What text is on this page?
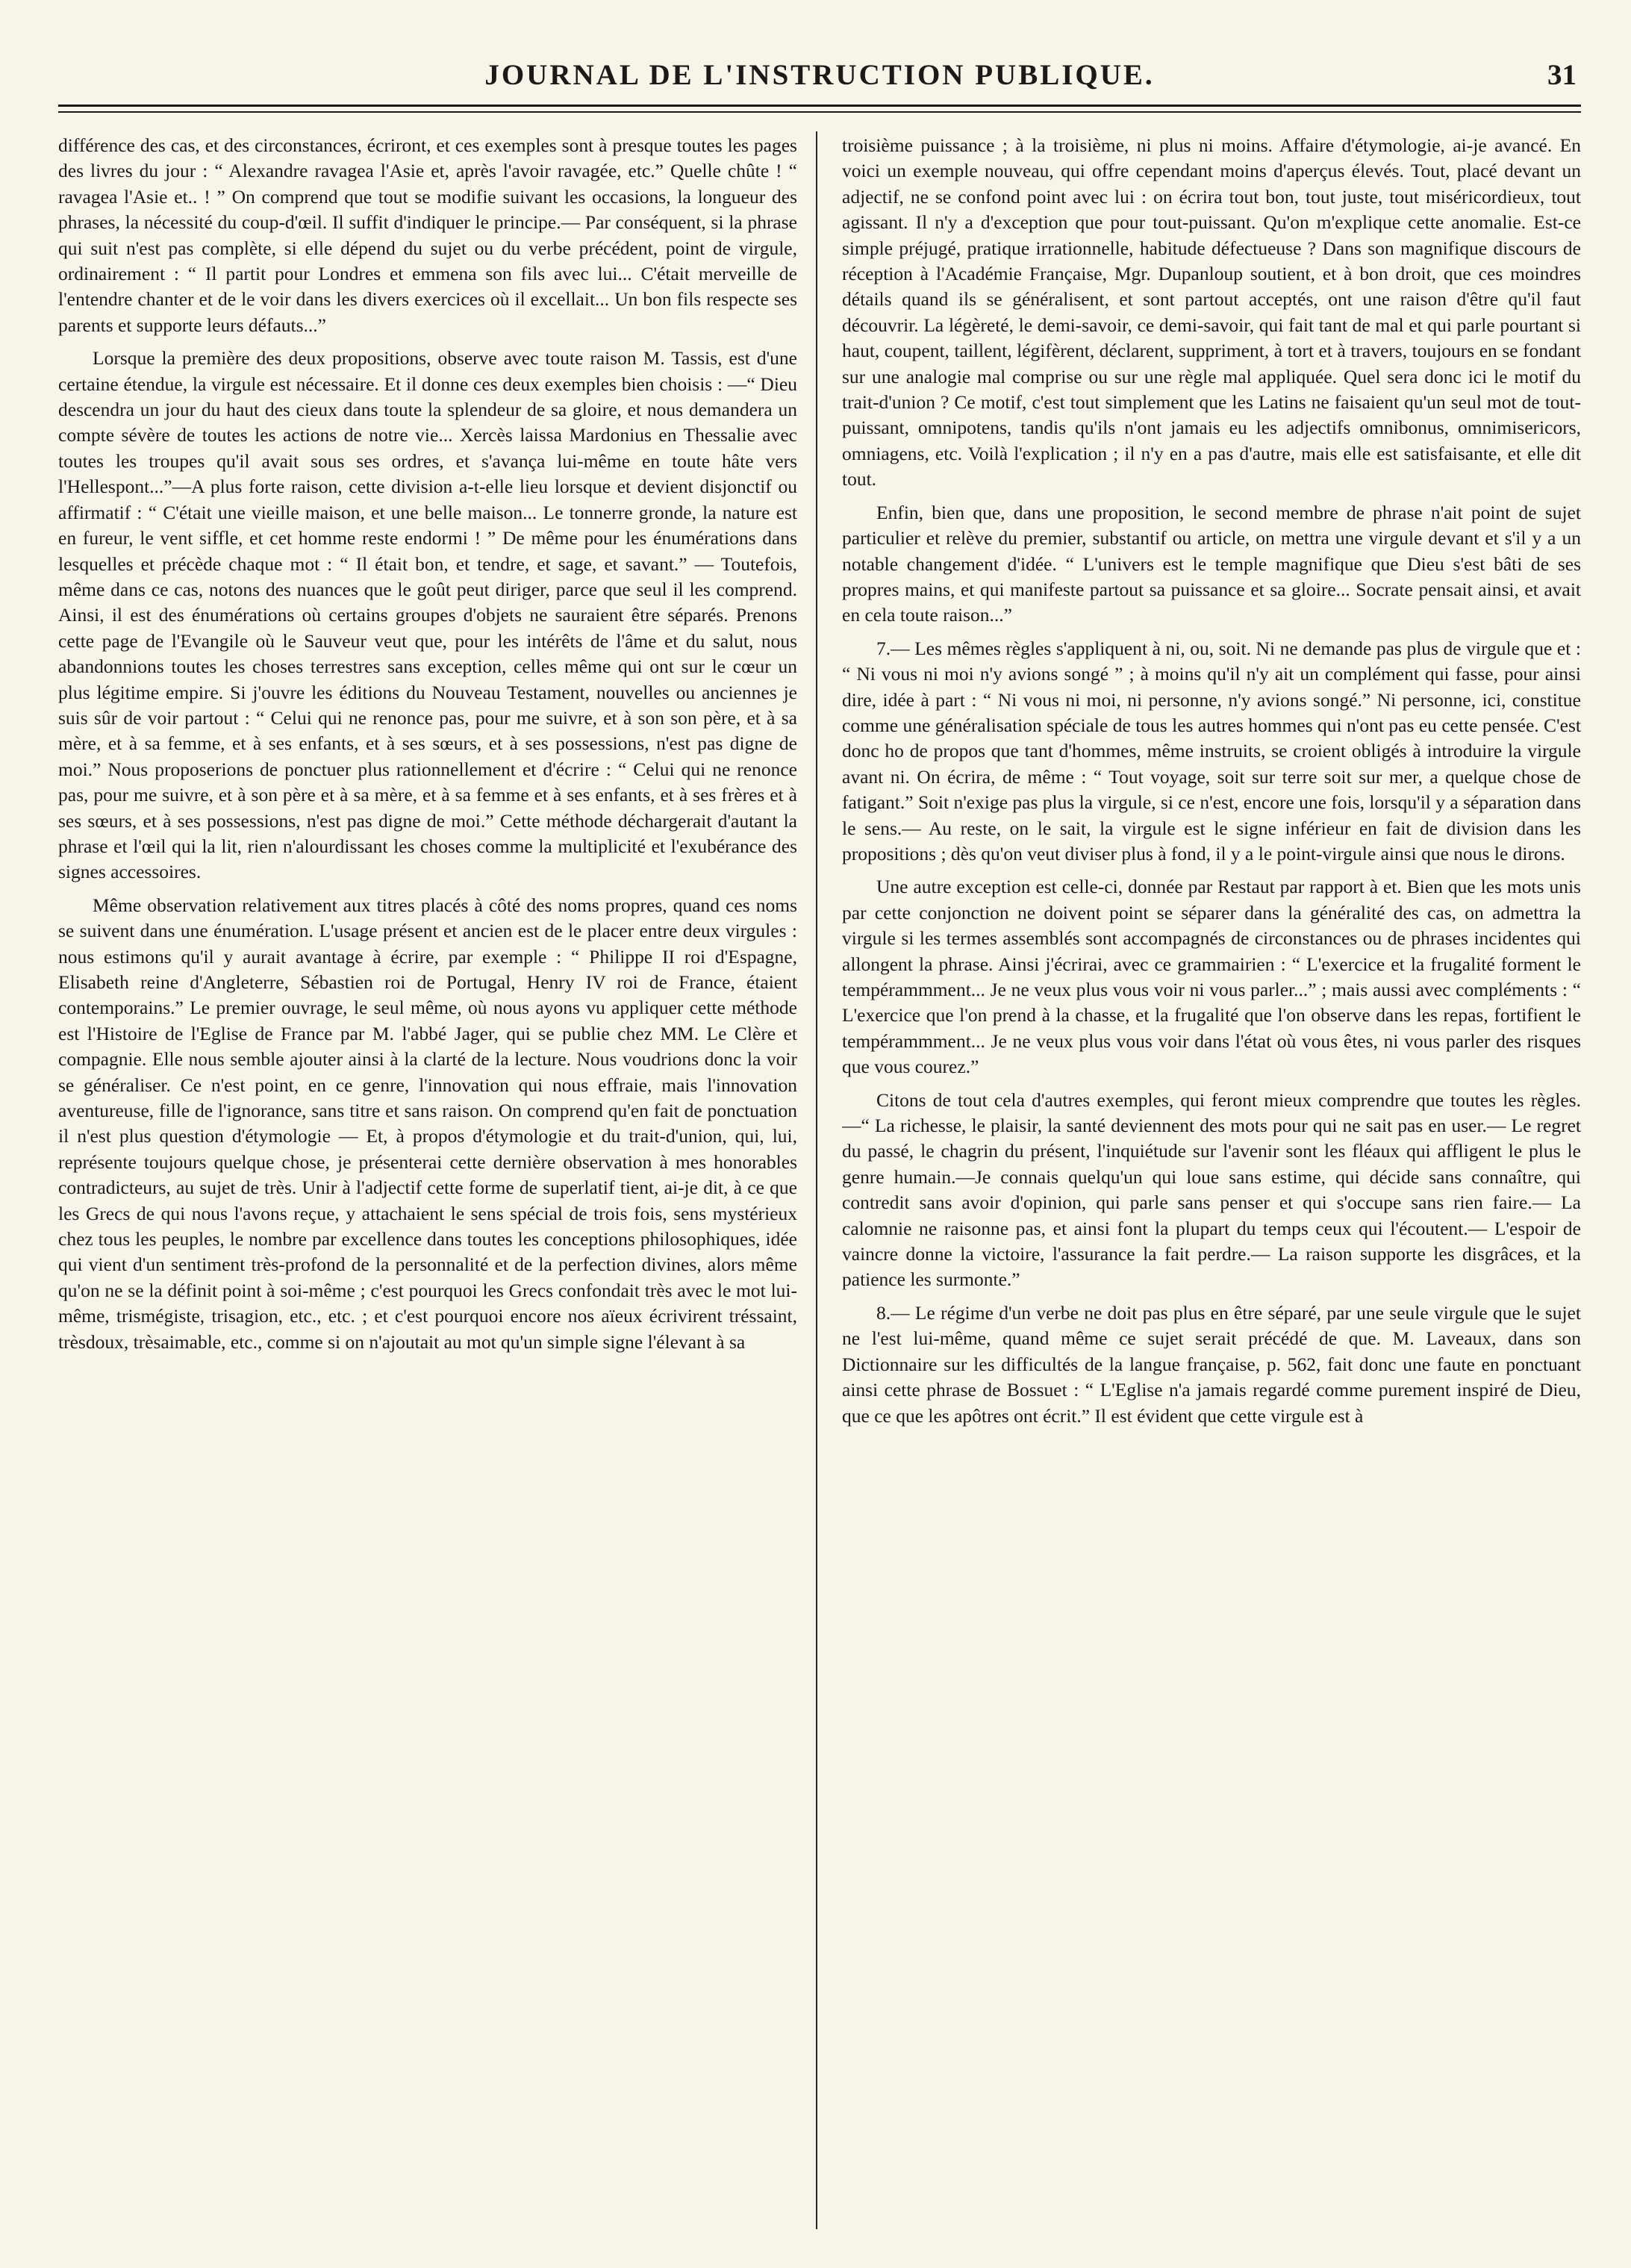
JOURNAL DE L'INSTRUCTION PUBLIQUE.	31

différence des cas, et des circonstances, écriront, et ces exemples sont à presque toutes les pages des livres du jour : “ Alexandre ravagea l'Asie et, après l'avoir ravagée, etc.” Quelle chûte ! “ ravagea l'Asie et.. ! ” On comprend que tout se modifie suivant les occasions, la longueur des phrases, la nécessité du coup-d'œil. Il suffit d'indiquer le principe.— Par conséquent, si la phrase qui suit n'est pas complète, si elle dépend du sujet ou du verbe précédent, point de virgule, ordinairement : “ Il partit pour Londres et emmena son fils avec lui... C'était merveille de l'entendre chanter et de le voir dans les divers exercices où il excellait... Un bon fils respecte ses parents et supporte leurs défauts...”

Lorsque la première des deux propositions, observe avec toute raison M. Tassis, est d'une certaine étendue, la virgule est nécessaire. Et il donne ces deux exemples bien choisis : —“ Dieu descendra un jour du haut des cieux dans toute la splendeur de sa gloire, et nous demandera un compte sévère de toutes les actions de notre vie... Xercès laissa Mardonius en Thessalie avec toutes les troupes qu'il avait sous ses ordres, et s'avança lui-même en toute hâte vers l'Hellespont...”—A plus forte raison, cette division a-t-elle lieu lorsque et devient disjonctif ou affirmatif : “ C'était une vieille maison, et une belle maison... Le tonnerre gronde, la nature est en fureur, le vent siffle, et cet homme reste endormi ! ” De même pour les énumérations dans lesquelles et précède chaque mot : “ Il était bon, et tendre, et sage, et savant.” — Toutefois, même dans ce cas, notons des nuances que le goût peut diriger, parce que seul il les comprend. Ainsi, il est des énumérations où certains groupes d'objets ne sauraient être séparés. Prenons cette page de l'Evangile où le Sauveur veut que, pour les intérêts de l'âme et du salut, nous abandonnions toutes les choses terrestres sans exception, celles même qui ont sur le cœur un plus légitime empire. Si j'ouvre les éditions du Nouveau Testament, nouvelles ou anciennes je suis sûr de voir partout : “ Celui qui ne renonce pas, pour me suivre, et à son son père, et à sa mère, et à sa femme, et à ses enfants, et à ses sœurs, et à ses possessions, n'est pas digne de moi.” Nous proposerions de ponctuer plus rationnellement et d'écrire : “ Celui qui ne renonce pas, pour me suivre, et à son père et à sa mère, et à sa femme et à ses enfants, et à ses frères et à ses sœurs, et à ses possessions, n'est pas digne de moi.” Cette méthode déchargerait d'autant la phrase et l'œil qui la lit, rien n'alourdissant les choses comme la multiplicité et l'exubérance des signes accessoires.

Même observation relativement aux titres placés à côté des noms propres, quand ces noms se suivent dans une énumération. L'usage présent et ancien est de le placer entre deux virgules : nous estimons qu'il y aurait avantage à écrire, par exemple : “ Philippe II roi d'Espagne, Elisabeth reine d'Angleterre, Sébastien roi de Portugal, Henry IV roi de France, étaient contemporains.” Le premier ouvrage, le seul même, où nous ayons vu appliquer cette méthode est l'Histoire de l'Eglise de France par M. l'abbé Jager, qui se publie chez MM. Le Clère et compagnie. Elle nous semble ajouter ainsi à la clarté de la lecture. Nous voudrions donc la voir se généraliser. Ce n'est point, en ce genre, l'innovation qui nous effraie, mais l'innovation aventureuse, fille de l'ignorance, sans titre et sans raison. On comprend qu'en fait de ponctuation il n'est plus question d'étymologie — Et, à propos d'étymologie et du trait-d'union, qui, lui, représente toujours quelque chose, je présenterai cette dernière observation à mes honorables contradicteurs, au sujet de très. Unir à l'adjectif cette forme de superlatif tient, ai-je dit, à ce que les Grecs de qui nous l'avons reçue, y attachaient le sens spécial de trois fois, sens mystérieux chez tous les peuples, le nombre par excellence dans toutes les conceptions philosophiques, idée qui vient d'un sentiment très-profond de la personnalité et de la perfection divines, alors même qu'on ne se la définit point à soi-même ; c'est pourquoi les Grecs confondait très avec le mot lui-même, trismégiste, trisagion, etc., etc. ; et c'est pourquoi encore nos aïeux écrivirent tréssaint, trèsdoux, trèsaimable, etc., comme si on n'ajoutait au mot qu'un simple signe l'élevant à sa

troisième puissance ; à la troisième, ni plus ni moins. Affaire d'étymologie, ai-je avancé. En voici un exemple nouveau, qui offre cependant moins d'aperçus élevés. Tout, placé devant un adjectif, ne se confond point avec lui : on écrira tout bon, tout juste, tout miséricordieux, tout agissant. Il n'y a d'exception que pour tout-puissant. Qu'on m'explique cette anomalie. Est-ce simple préjugé, pratique irrationnelle, habitude défectueuse ? Dans son magnifique discours de réception à l'Académie Française, Mgr. Dupanloup soutient, et à bon droit, que ces moindres détails quand ils se généralisent, et sont partout acceptés, ont une raison d'être qu'il faut découvrir. La légèreté, le demi-savoir, ce demi-savoir, qui fait tant de mal et qui parle pourtant si haut, coupent, taillent, légifèrent, déclarent, suppriment, à tort et à travers, toujours en se fondant sur une analogie mal comprise ou sur une règle mal appliquée. Quel sera donc ici le motif du trait-d'union ? Ce motif, c'est tout simplement que les Latins ne faisaient qu'un seul mot de tout-puissant, omnipotens, tandis qu'ils n'ont jamais eu les adjectifs omnibonus, omnimisericors, omniagens, etc. Voilà l'explication ; il n'y en a pas d'autre, mais elle est satisfaisante, et elle dit tout.

Enfin, bien que, dans une proposition, le second membre de phrase n'ait point de sujet particulier et relève du premier, substantif ou article, on mettra une virgule devant et s'il y a un notable changement d'idée. “ L'univers est le temple magnifique que Dieu s'est bâti de ses propres mains, et qui manifeste partout sa puissance et sa gloire... Socrate pensait ainsi, et avait en cela toute raison...”

7.— Les mêmes règles s'appliquent à ni, ou, soit. Ni ne demande pas plus de virgule que et : “ Ni vous ni moi n'y avions songé ” ; à moins qu'il n'y ait un complément qui fasse, pour ainsi dire, idée à part : “ Ni vous ni moi, ni personne, n'y avions songé.” Ni personne, ici, constitue comme une généralisation spéciale de tous les autres hommes qui n'ont pas eu cette pensée. C'est donc ho de propos que tant d'hommes, même instruits, se croient obligés à introduire la virgule avant ni. On écrira, de même : “ Tout voyage, soit sur terre soit sur mer, a quelque chose de fatigant.” Soit n'exige pas plus la virgule, si ce n'est, encore une fois, lorsqu'il y a séparation dans le sens.— Au reste, on le sait, la virgule est le signe inférieur en fait de division dans les propositions ; dès qu'on veut diviser plus à fond, il y a le point-virgule ainsi que nous le dirons.

Une autre exception est celle-ci, donnée par Restaut par rapport à et. Bien que les mots unis par cette conjonction ne doivent point se séparer dans la généralité des cas, on admettra la virgule si les termes assemblés sont accompagnés de circonstances ou de phrases incidentes qui allongent la phrase. Ainsi j'écrirai, avec ce grammairien : “ L'exercice et la frugalité forment le tempérammment... Je ne veux plus vous voir ni vous parler...” ; mais aussi avec compléments : “ L'exercice que l'on prend à la chasse, et la frugalité que l'on observe dans les repas, fortifient le tempérammment... Je ne veux plus vous voir dans l'état où vous êtes, ni vous parler des risques que vous courez.”

Citons de tout cela d'autres exemples, qui feront mieux comprendre que toutes les règles.—“ La richesse, le plaisir, la santé deviennent des mots pour qui ne sait pas en user.— Le regret du passé, le chagrin du présent, l'inquiétude sur l'avenir sont les fléaux qui affligent le plus le genre humain.—Je connais quelqu'un qui loue sans estime, qui décide sans connaître, qui contredit sans avoir d'opinion, qui parle sans penser et qui s'occupe sans rien faire.— La calomnie ne raisonne pas, et ainsi font la plupart du temps ceux qui l'écoutent.— L'espoir de vaincre donne la victoire, l'assurance la fait perdre.— La raison supporte les disgrâces, et la patience les surmonte.”

8.— Le régime d'un verbe ne doit pas plus en être séparé, par une seule virgule que le sujet ne l'est lui-même, quand même ce sujet serait précédé de que. M. Laveaux, dans son Dictionnaire sur les difficultés de la langue française, p. 562, fait donc une faute en ponctuant ainsi cette phrase de Bossuet : “ L'Eglise n'a jamais regardé comme purement inspiré de Dieu, que ce que les apôtres ont écrit.” Il est évident que cette virgule est à
